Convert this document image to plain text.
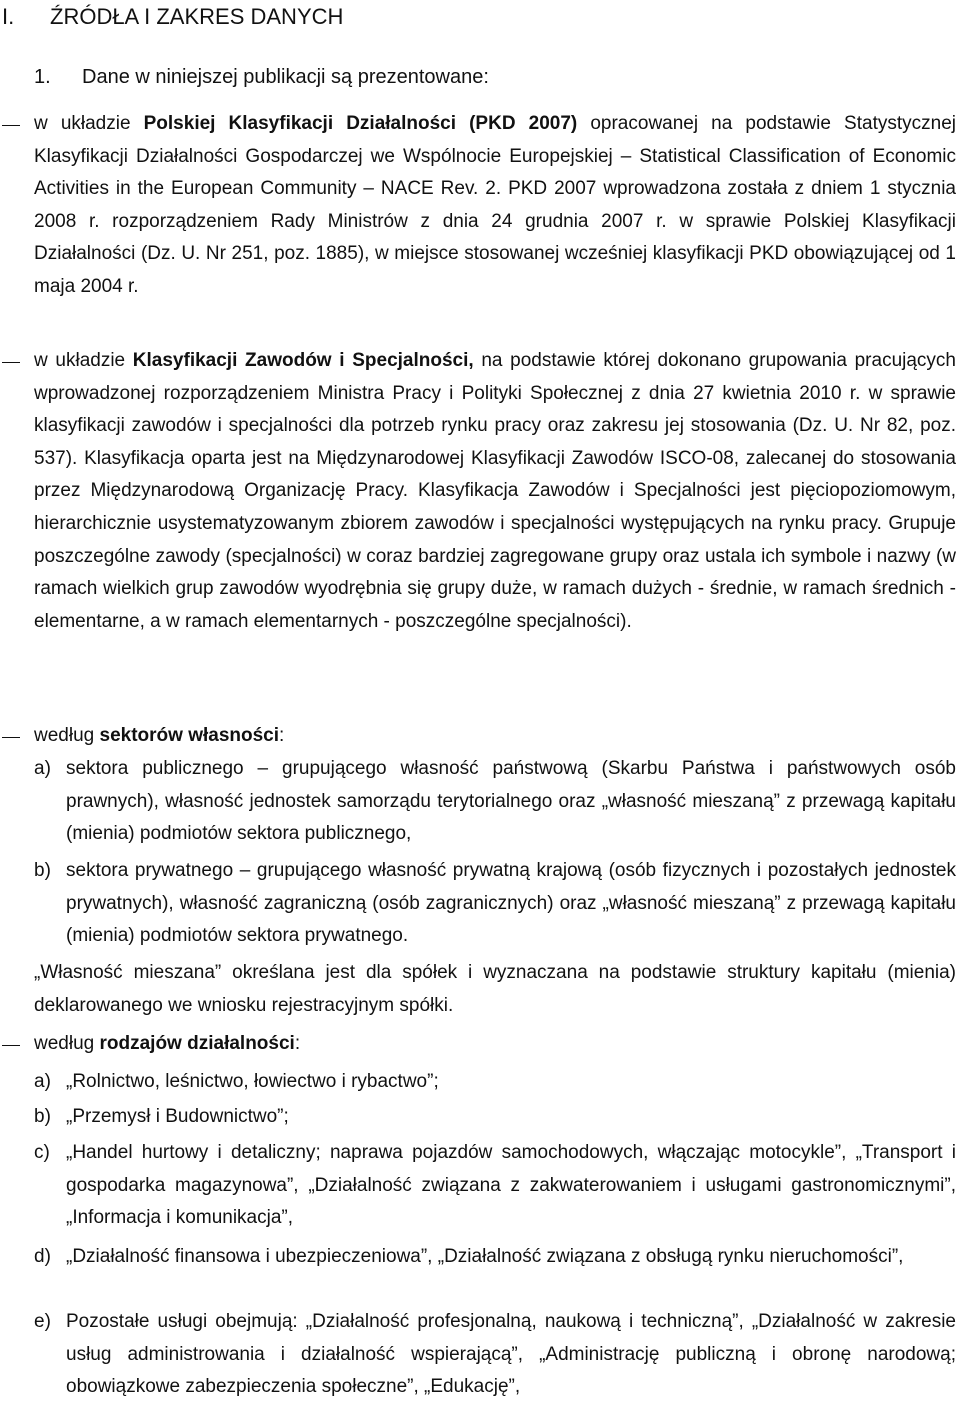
I. ŹRÓDŁA I ZAKRES DANYCH

1. Dane w niniejszej publikacji są prezentowane:

w układzie Polskiej Klasyfikacji Działalności (PKD 2007) opracowanej na podstawie Statystycznej Klasyfikacji Działalności Gospodarczej we Wspólnocie Europejskiej – Statistical Classification of Economic Activities in the European Community – NACE Rev. 2. PKD 2007 wprowadzona została z dniem 1 stycznia 2008 r. rozporządzeniem Rady Ministrów z dnia 24 grudnia 2007 r. w sprawie Polskiej Klasyfikacji Działalności (Dz. U. Nr 251, poz. 1885), w miejsce stosowanej wcześniej klasyfikacji PKD obowiązującej od 1 maja 2004 r.

w układzie Klasyfikacji Zawodów i Specjalności, na podstawie której dokonano grupowania pracujących wprowadzonej rozporządzeniem Ministra Pracy i Polityki Społecznej z dnia 27 kwietnia 2010 r. w sprawie klasyfikacji zawodów i specjalności dla potrzeb rynku pracy oraz zakresu jej stosowania (Dz. U. Nr 82, poz. 537). Klasyfikacja oparta jest na Międzynarodowej Klasyfikacji Zawodów ISCO-08, zalecanej do stosowania przez Międzynarodową Organizację Pracy. Klasyfikacja Zawodów i Specjalności jest pięciopoziomowym, hierarchicznie usystematyzowanym zbiorem zawodów i specjalności występujących na rynku pracy. Grupuje poszczególne zawody (specjalności) w coraz bardziej zagregowane grupy oraz ustala ich symbole i nazwy (w ramach wielkich grup zawodów wyodrębnia się grupy duże, w ramach dużych - średnie, w ramach średnich - elementarne, a w ramach elementarnych - poszczególne specjalności).

według sektorów własności:

a) sektora publicznego – grupującego własność państwową (Skarbu Państwa i państwowych osób prawnych), własność jednostek samorządu terytorialnego oraz „własność mieszaną” z przewagą kapitału (mienia) podmiotów sektora publicznego,

b) sektora prywatnego – grupującego własność prywatną krajową (osób fizycznych i pozostałych jednostek prywatnych), własność zagraniczną (osób zagranicznych) oraz „własność mieszaną” z przewagą kapitału (mienia) podmiotów sektora prywatnego.

„Własność mieszana” określana jest dla spółek i wyznaczana na podstawie struktury kapitału (mienia) deklarowanego we wniosku rejestracyjnym spółki.

według rodzajów działalności:

a) „Rolnictwo, leśnictwo, łowiectwo i rybactwo”;

b) „Przemysł i Budownictwo”;

c) „Handel hurtowy i detaliczny; naprawa pojazdów samochodowych, włączając motocykle”, „Transport i gospodarka magazynowa”, „Działalność związana z zakwaterowaniem i usługami gastronomicznymi”, „Informacja i komunikacja”,

d) „Działalność finansowa i ubezpieczeniowa”, „Działalność związana z obsługą rynku nieruchomości”,

e) Pozostałe usługi obejmują: „Działalność profesjonalną, naukową i techniczną”, „Działalność w zakresie usług administrowania i działalność wspierającą”, „Administrację publiczną i obronę narodową; obowiązkowe zabezpieczenia społeczne”, „Edukację”,
